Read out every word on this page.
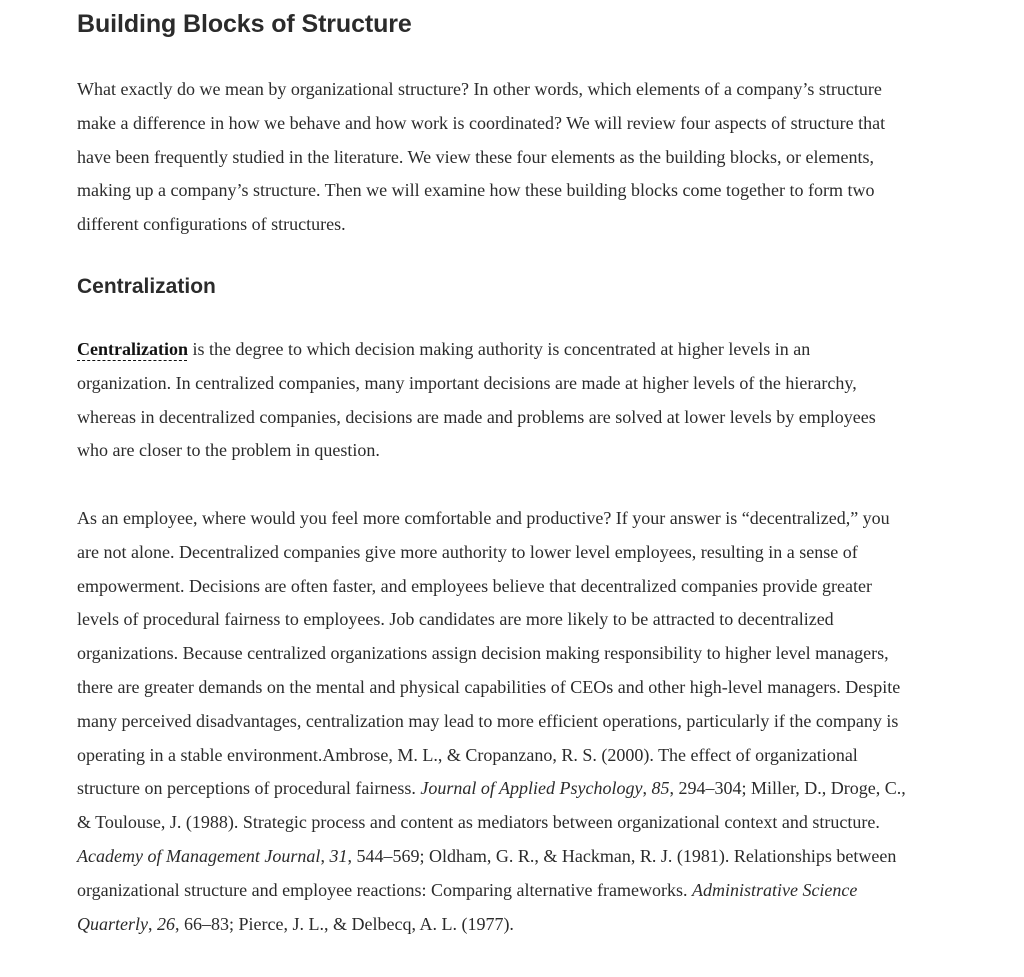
Building Blocks of Structure

What exactly do we mean by organizational structure? In other words, which elements of a company’s structure make a difference in how we behave and how work is coordinated? We will review four aspects of structure that have been frequently studied in the literature. We view these four elements as the building blocks, or elements, making up a company’s structure. Then we will examine how these building blocks come together to form two different configurations of structures.

Centralization

Centralization is the degree to which decision making authority is concentrated at higher levels in an organization. In centralized companies, many important decisions are made at higher levels of the hierarchy, whereas in decentralized companies, decisions are made and problems are solved at lower levels by employees who are closer to the problem in question.

As an employee, where would you feel more comfortable and productive? If your answer is “decentralized,” you are not alone. Decentralized companies give more authority to lower level employees, resulting in a sense of empowerment. Decisions are often faster, and employees believe that decentralized companies provide greater levels of procedural fairness to employees. Job candidates are more likely to be attracted to decentralized organizations. Because centralized organizations assign decision making responsibility to higher level managers, there are greater demands on the mental and physical capabilities of CEOs and other high-level managers. Despite many perceived disadvantages, centralization may lead to more efficient operations, particularly if the company is operating in a stable environment.Ambrose, M. L., & Cropanzano, R. S. (2000). The effect of organizational structure on perceptions of procedural fairness. Journal of Applied Psychology, 85, 294–304; Miller, D., Droge, C., & Toulouse, J. (1988). Strategic process and content as mediators between organizational context and structure. Academy of Management Journal, 31, 544–569; Oldham, G. R., & Hackman, R. J. (1981). Relationships between organizational structure and employee reactions: Comparing alternative frameworks. Administrative Science Quarterly, 26, 66–83; Pierce, J. L., & Delbecq, A. L. (1977).
